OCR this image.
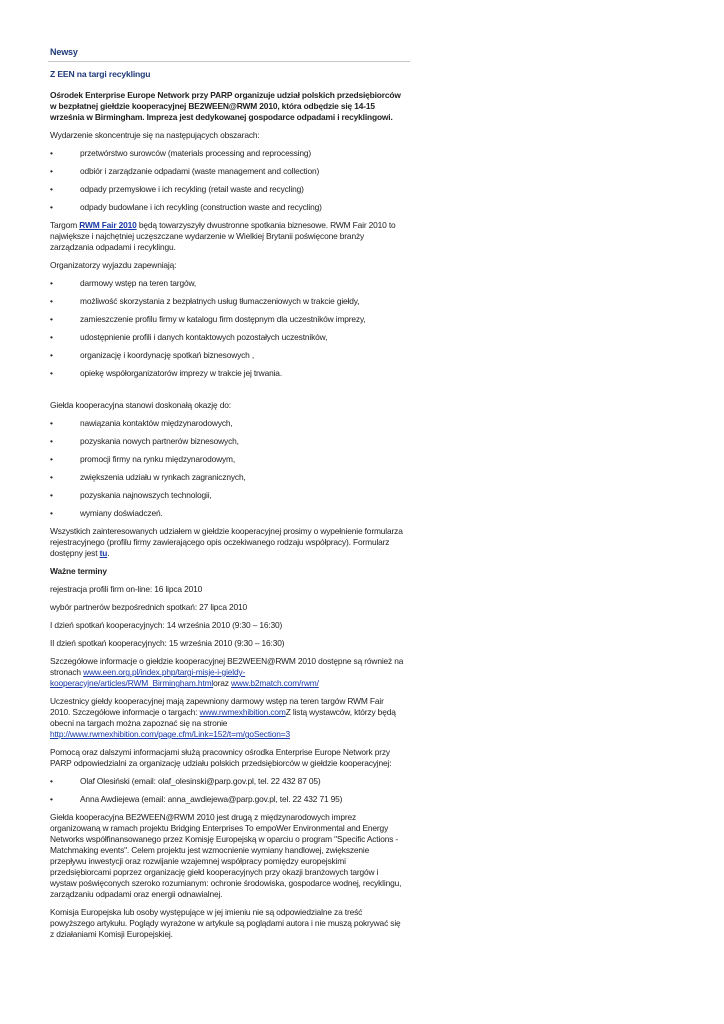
Newsy
Z EEN na targi recyklingu

Ośrodek Enterprise Europe Network przy PARP organizuje udział polskich przedsiębiorców w bezpłatnej giełdzie kooperacyjnej BE2WEEN@RWM 2010, która odbędzie się 14-15 września w Birmingham. Impreza jest dedykowanej gospodarce odpadami i recyklingowi.

Wydarzenie skoncentruje się na następujących obszarach:

•	przetwórstwo surowców (materials processing and reprocessing)
•	odbiór i zarządzanie odpadami (waste management and collection)
•	odpady przemysłowe i ich recykling (retail waste and recycling)
•	odpady budowlane i ich recykling (construction waste and recycling)

Targom RWM Fair 2010 będą towarzyszyły dwustronne spotkania biznesowe. RWM Fair 2010 to największe i najchętniej uczęszczane wydarzenie w Wielkiej Brytanii poświęcone branży zarządzania odpadami i recyklingu.

Organizatorzy wyjazdu zapewniają:

•	darmowy wstęp na teren targów,
•	możliwość skorzystania z bezpłatnych usług tłumaczeniowych w trakcie giełdy,
•	zamieszczenie profilu firmy w katalogu firm dostępnym dla uczestników imprezy,
•	udostępnienie profili i danych kontaktowych pozostałych uczestników,
•	organizację i koordynację spotkań biznesowych ,
•	opiekę współorganizatorów imprezy w trakcie jej trwania.

Giełda kooperacyjna stanowi doskonałą okazję do:

•	nawiązania kontaktów międzynarodowych,
•	pozyskania nowych partnerów biznesowych,
•	promocji firmy na rynku międzynarodowym,
•	zwiększenia udziału w rynkach zagranicznych,
•	pozyskania najnowszych technologii,
•	wymiany doświadczeń.

Wszystkich zainteresowanych udziałem w giełdzie kooperacyjnej prosimy o wypełnienie formularza rejestracyjnego (profilu firmy zawierającego opis oczekiwanego rodzaju współpracy). Formularz dostępny jest tu.

Ważne terminy

rejestracja profili firm on-line: 16 lipca 2010

wybór partnerów bezpośrednich spotkań: 27 lipca 2010

I dzień spotkań kooperacyjnych: 14 września 2010 (9:30 – 16:30)

II dzień spotkań kooperacyjnych: 15 września 2010 (9:30 – 16:30)

Szczegółowe informacje o giełdzie kooperacyjnej BE2WEEN@RWM 2010 dostępne są również na stronach www.een.org.pl/index.php/targi-misje-i-gieldy-kooperacyjne/articles/RWM_Birmingham.htmloraz www.b2match.com/rwm/

Uczestnicy giełdy kooperacyjnej mają zapewniony darmowy wstęp na teren targów RWM Fair 2010. Szczegółowe informacje o targach: www.rwmexhibition.comZ listą wystawców, którzy będą obecni na targach można zapoznać się na stronie http://www.rwmexhibition.com/page.cfm/Link=152/t=m/goSection=3

Pomocą oraz dalszymi informacjami służą pracownicy ośrodka Enterprise Europe Network przy PARP odpowiedzialni za organizację udziału polskich przedsiębiorców w giełdzie kooperacyjnej:

•	Olaf Olesiński (email: olaf_olesinski@parp.gov.pl, tel. 22 432 87 05)
•	Anna Awdiejewa (email: anna_awdiejewa@parp.gov.pl, tel. 22 432 71 95)

Giełda kooperacyjna BE2WEEN@RWM 2010 jest drugą z międzynarodowych imprez organizowaną w ramach projektu Bridging Enterprises To empoWer Environmental and Energy Networks współfinansowanego przez Komisję Europejską w oparciu o program "Specific Actions - Matchmaking events". Celem projektu jest wzmocnienie wymiany handlowej, zwiększenie przepływu inwestycji oraz rozwijanie wzajemnej współpracy pomiędzy europejskimi przedsiębiorcami poprzez organizację giełd kooperacyjnych przy okazji branżowych targów i wystaw poświęconych szeroko rozumianym: ochronie środowiska, gospodarce wodnej, recyklingu, zarządzaniu odpadami oraz energii odnawialnej.

Komisja Europejska lub osoby występujące w jej imieniu nie są odpowiedzialne za treść powyższego artykułu. Poglądy wyrażone w artykule są poglądami autora i nie muszą pokrywać się z działaniami Komisji Europejskiej.
